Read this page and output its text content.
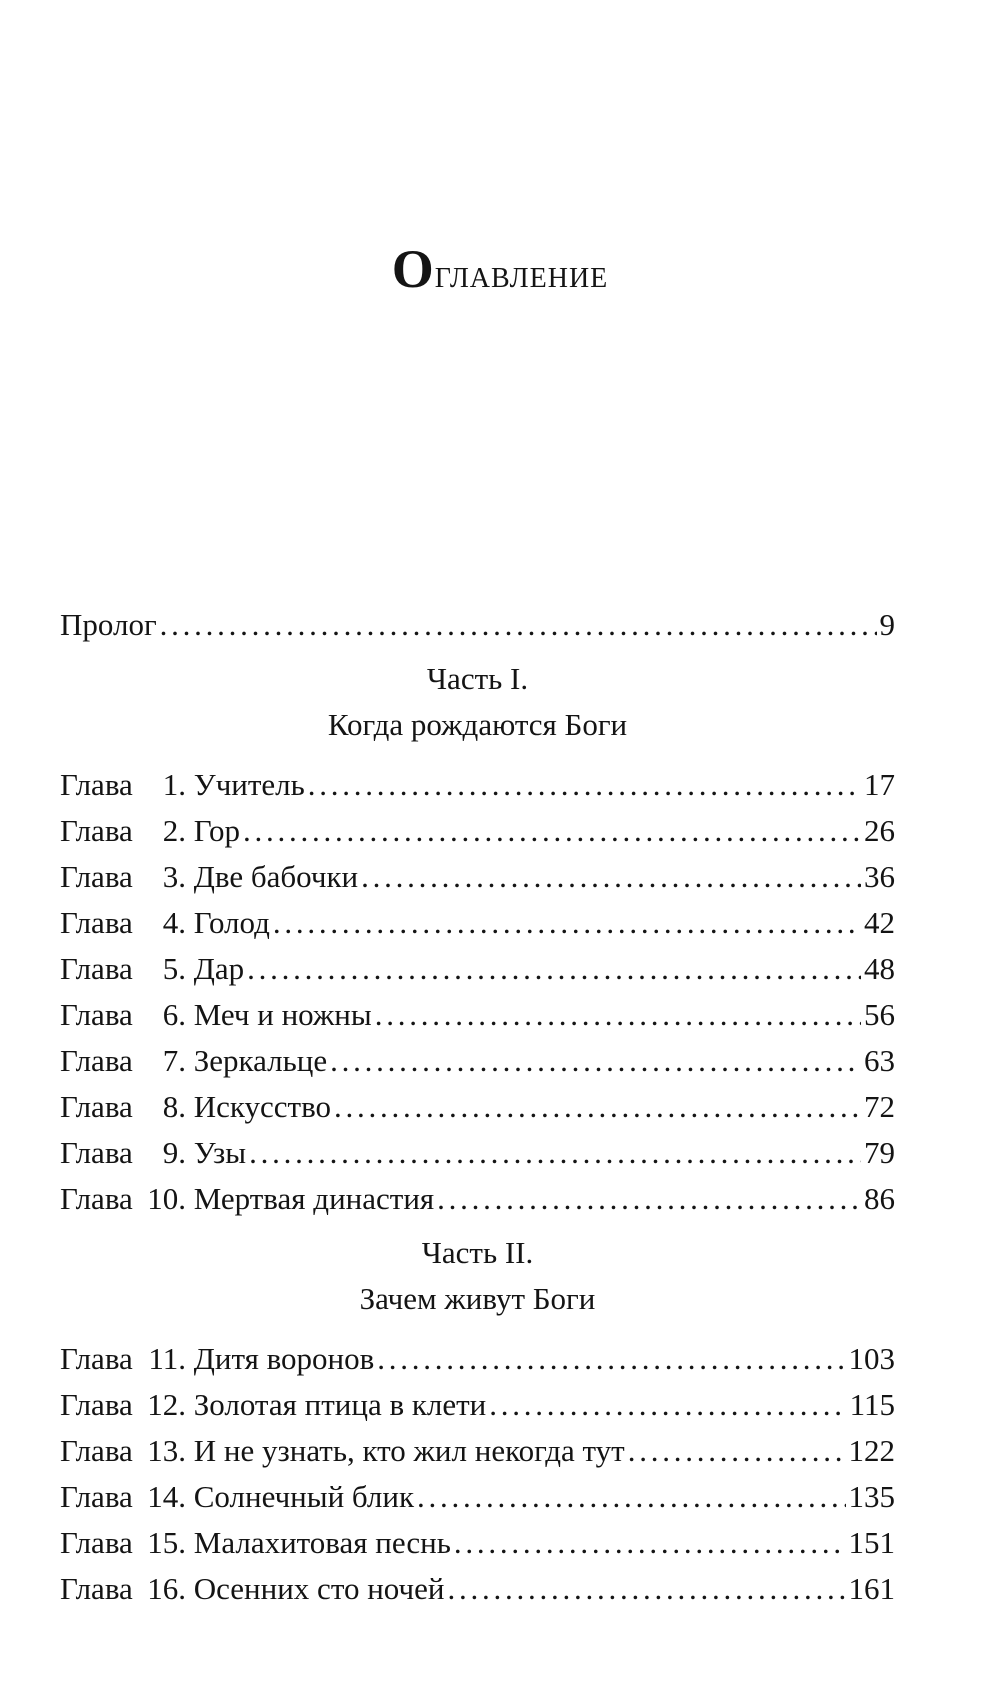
Оглавление
Пролог . . .	9
Часть I.
Когда рождаются Боги
Глава 1. Учитель . . .	17
Глава 2. Гор . . .	26
Глава 3. Две бабочки . . .	36
Глава 4. Голод . . .	42
Глава 5. Дар . . .	48
Глава 6. Меч и ножны . . .	56
Глава 7. Зеркальце . . .	63
Глава 8. Искусство . . .	72
Глава 9. Узы . . .	79
Глава 10. Мертвая династия . . .	86
Часть II.
Зачем живут Боги
Глава 11. Дитя воронов . . .	103
Глава 12. Золотая птица в клети . . .	115
Глава 13. И не узнать, кто жил некогда тут . . .	122
Глава 14. Солнечный блик . . .	135
Глава 15. Малахитовая песнь . . .	151
Глава 16. Осенних сто ночей . . .	161
